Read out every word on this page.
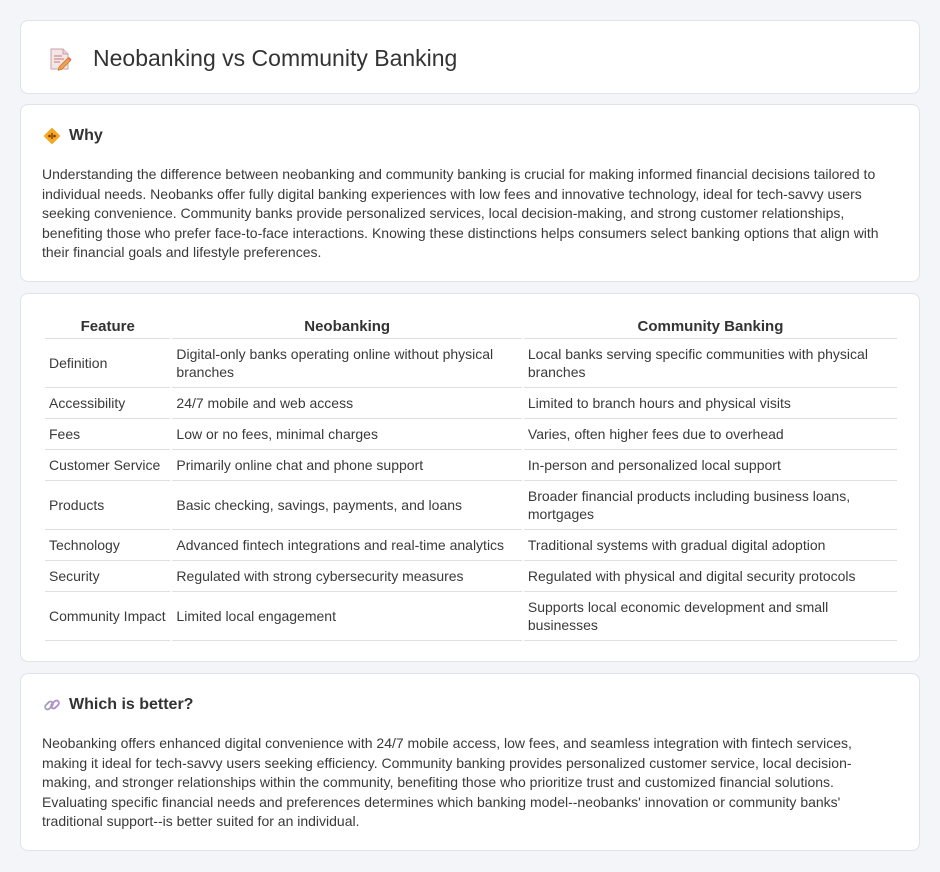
Neobanking vs Community Banking
Why

Understanding the difference between neobanking and community banking is crucial for making informed financial decisions tailored to individual needs. Neobanks offer fully digital banking experiences with low fees and innovative technology, ideal for tech-savvy users seeking convenience. Community banks provide personalized services, local decision-making, and strong customer relationships, benefiting those who prefer face-to-face interactions. Knowing these distinctions helps consumers select banking options that align with their financial goals and lifestyle preferences.

Feature	Neobanking	Community Banking
Definition	Digital-only banks operating online without physical branches	Local banks serving specific communities with physical branches
Accessibility	24/7 mobile and web access	Limited to branch hours and physical visits
Fees	Low or no fees, minimal charges	Varies, often higher fees due to overhead
Customer Service	Primarily online chat and phone support	In-person and personalized local support
Products	Basic checking, savings, payments, and loans	Broader financial products including business loans, mortgages
Technology	Advanced fintech integrations and real-time analytics	Traditional systems with gradual digital adoption
Security	Regulated with strong cybersecurity measures	Regulated with physical and digital security protocols
Community Impact	Limited local engagement	Supports local economic development and small businesses
Which is better?

Neobanking offers enhanced digital convenience with 24/7 mobile access, low fees, and seamless integration with fintech services, making it ideal for tech-savvy users seeking efficiency. Community banking provides personalized customer service, local decision-making, and stronger relationships within the community, benefiting those who prioritize trust and customized financial solutions. Evaluating specific financial needs and preferences determines which banking model--neobanks' innovation or community banks' traditional support--is better suited for an individual.
